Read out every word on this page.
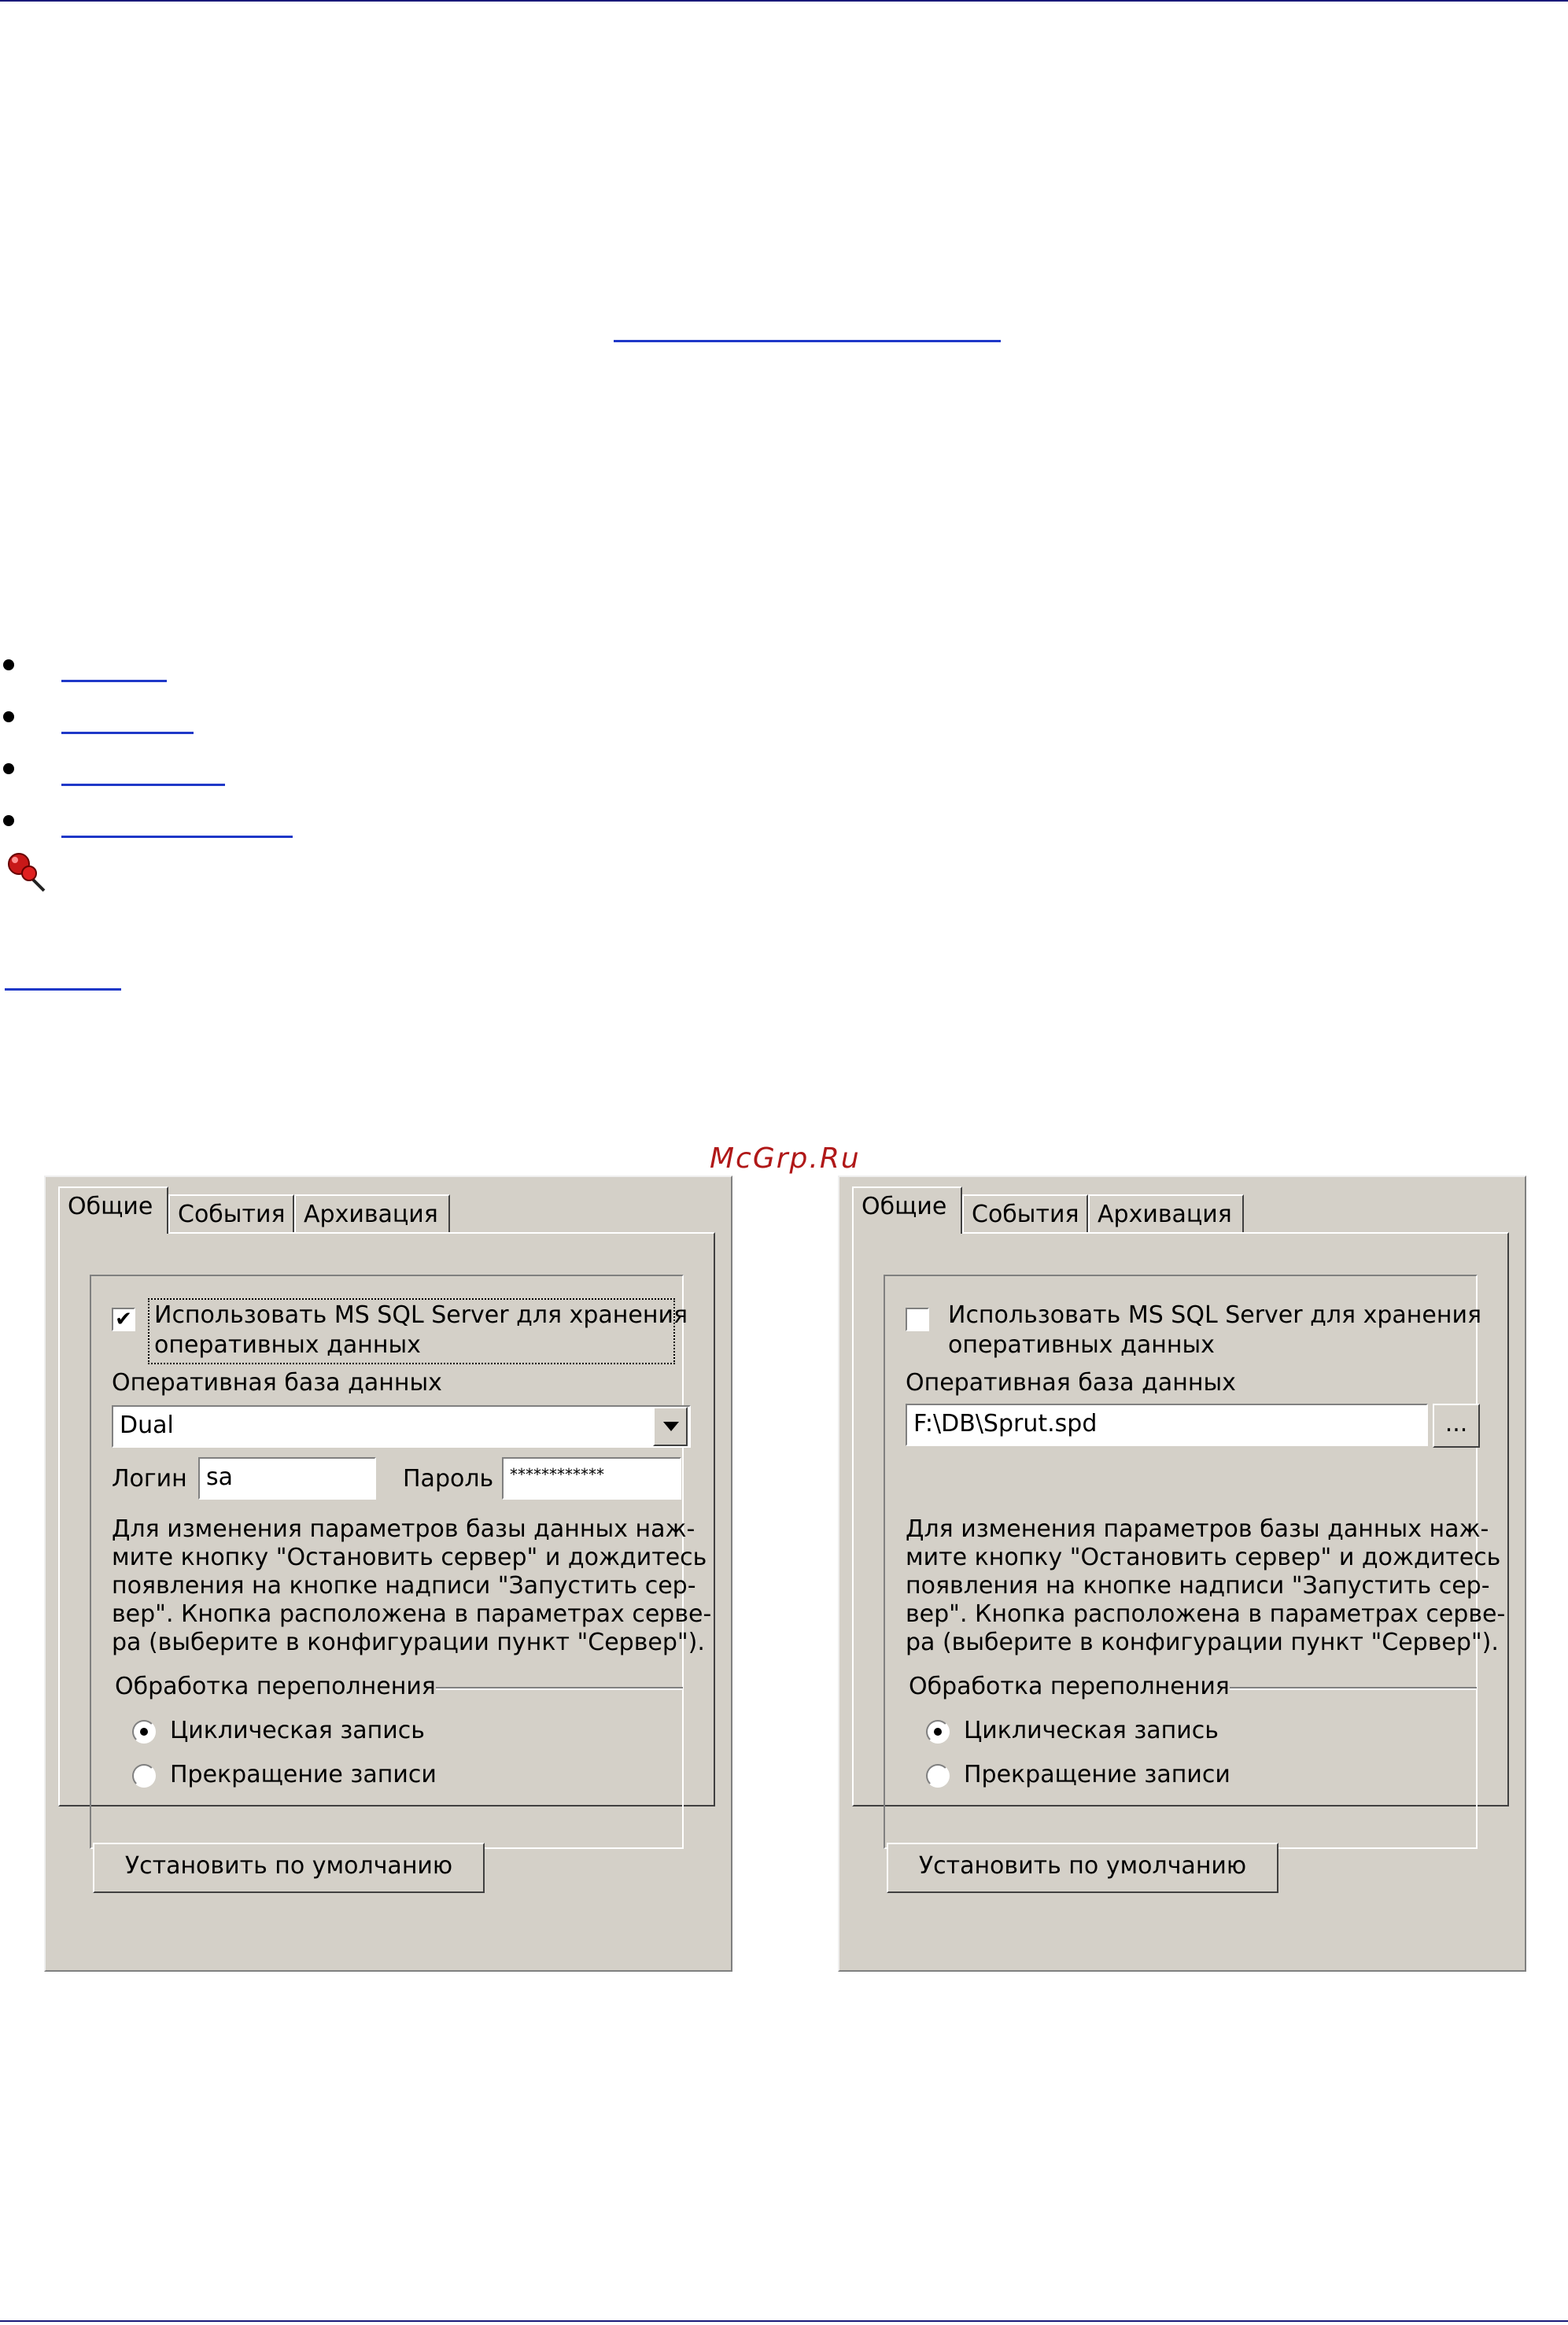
McGrp.Ru
Общие	События Архивация
✔ Использовать MS SQL Server для хранения
оперативных данных
Оперативная база данных
Dual
Логин sa	Пароль	************
Для изменения параметров базы данных наж-
мите кнопку "Остановить сервер" и дождитесь
появления на кнопке надписи "Запустить сер-
вер". Кнопка расположена в параметрах серве-
ра (выберите в конфигурации пункт "Сервер").
Обработка переполнения
Циклическая запись
Прекращение записи
Установить по умолчанию
Общие	События Архивация
Использовать MS SQL Server для хранения
оперативных данных
Оперативная база данных
F:\DB\Sprut.spd	...
Для изменения параметров базы данных наж-
мите кнопку "Остановить сервер" и дождитесь
появления на кнопке надписи "Запустить сер-
вер". Кнопка расположена в параметрах серве-
ра (выберите в конфигурации пункт "Сервер").
Обработка переполнения
Циклическая запись
Прекращение записи
Установить по умолчанию
